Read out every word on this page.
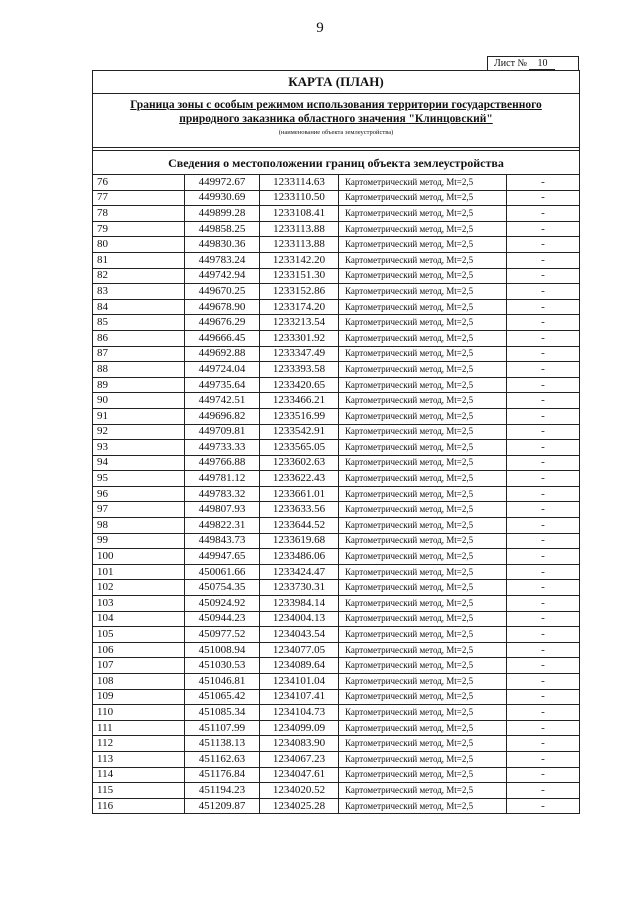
9
Лист № 10
КАРТА (ПЛАН)
Граница зоны с особым режимом использования территории государственного
природного заказника областного значения "Клинцовский"
(наименование объекта землеустройства)
Сведения о местоположении границ объекта землеустройства
76	449972.67	1233114.63	Картометрический метод, Mt=2,5	-
77	449930.69	1233110.50	Картометрический метод, Mt=2,5	-
78	449899.28	1233108.41	Картометрический метод, Mt=2,5	-
79	449858.25	1233113.88	Картометрический метод, Mt=2,5	-
80	449830.36	1233113.88	Картометрический метод, Mt=2,5	-
81	449783.24	1233142.20	Картометрический метод, Mt=2,5	-
82	449742.94	1233151.30	Картометрический метод, Mt=2,5	-
83	449670.25	1233152.86	Картометрический метод, Mt=2,5	-
84	449678.90	1233174.20	Картометрический метод, Mt=2,5	-
85	449676.29	1233213.54	Картометрический метод, Mt=2,5	-
86	449666.45	1233301.92	Картометрический метод, Mt=2,5	-
87	449692.88	1233347.49	Картометрический метод, Mt=2,5	-
88	449724.04	1233393.58	Картометрический метод, Mt=2,5	-
89	449735.64	1233420.65	Картометрический метод, Mt=2,5	-
90	449742.51	1233466.21	Картометрический метод, Mt=2,5	-
91	449696.82	1233516.99	Картометрический метод, Mt=2,5	-
92	449709.81	1233542.91	Картометрический метод, Mt=2,5	-
93	449733.33	1233565.05	Картометрический метод, Mt=2,5	-
94	449766.88	1233602.63	Картометрический метод, Mt=2,5	-
95	449781.12	1233622.43	Картометрический метод, Mt=2,5	-
96	449783.32	1233661.01	Картометрический метод, Mt=2,5	-
97	449807.93	1233633.56	Картометрический метод, Mt=2,5	-
98	449822.31	1233644.52	Картометрический метод, Mt=2,5	-
99	449843.73	1233619.68	Картометрический метод, Mt=2,5	-
100	449947.65	1233486.06	Картометрический метод, Mt=2,5	-
101	450061.66	1233424.47	Картометрический метод, Mt=2,5	-
102	450754.35	1233730.31	Картометрический метод, Mt=2,5	-
103	450924.92	1233984.14	Картометрический метод, Mt=2,5	-
104	450944.23	1234004.13	Картометрический метод, Mt=2,5	-
105	450977.52	1234043.54	Картометрический метод, Mt=2,5	-
106	451008.94	1234077.05	Картометрический метод, Mt=2,5	-
107	451030.53	1234089.64	Картометрический метод, Mt=2,5	-
108	451046.81	1234101.04	Картометрический метод, Mt=2,5	-
109	451065.42	1234107.41	Картометрический метод, Mt=2,5	-
110	451085.34	1234104.73	Картометрический метод, Mt=2,5	-
111	451107.99	1234099.09	Картометрический метод, Mt=2,5	-
112	451138.13	1234083.90	Картометрический метод, Mt=2,5	-
113	451162.63	1234067.23	Картометрический метод, Mt=2,5	-
114	451176.84	1234047.61	Картометрический метод, Mt=2,5	-
115	451194.23	1234020.52	Картометрический метод, Mt=2,5	-
116	451209.87	1234025.28	Картометрический метод, Mt=2,5	-
